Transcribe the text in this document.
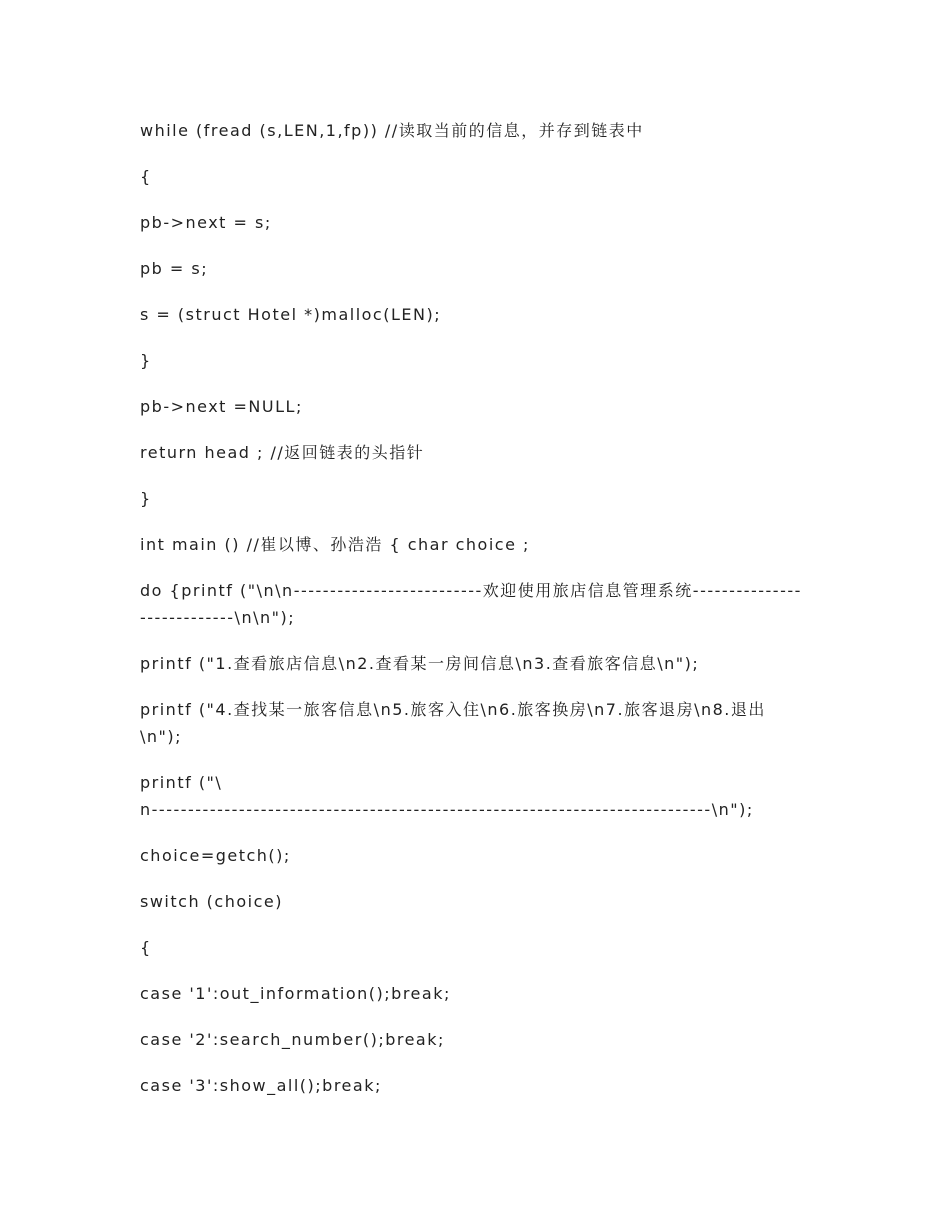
while (fread (s,LEN,1,fp)) //读取当前的信息，并存到链表中
{
pb->next = s;
pb = s;
s = (struct Hotel *)malloc(LEN);
}
pb->next =NULL;
return head ; //返回链表的头指针
}
int main () //崔以博、孙浩浩 { char choice ;
do {printf ("\n\n--------------------------欢迎使用旅店信息管理系统----------------------------\n\n");
printf ("1.查看旅店信息\n2.查看某一房间信息\n3.查看旅客信息\n");
printf ("4.查找某一旅客信息\n5.旅客入住\n6.旅客换房\n7.旅客退房\n8.退出\n");
printf ("\
n-----------------------------------------------------------------------------\n");
choice=getch();
switch (choice)
{
case '1':out_information();break;
case '2':search_number();break;
case '3':show_all();break;
